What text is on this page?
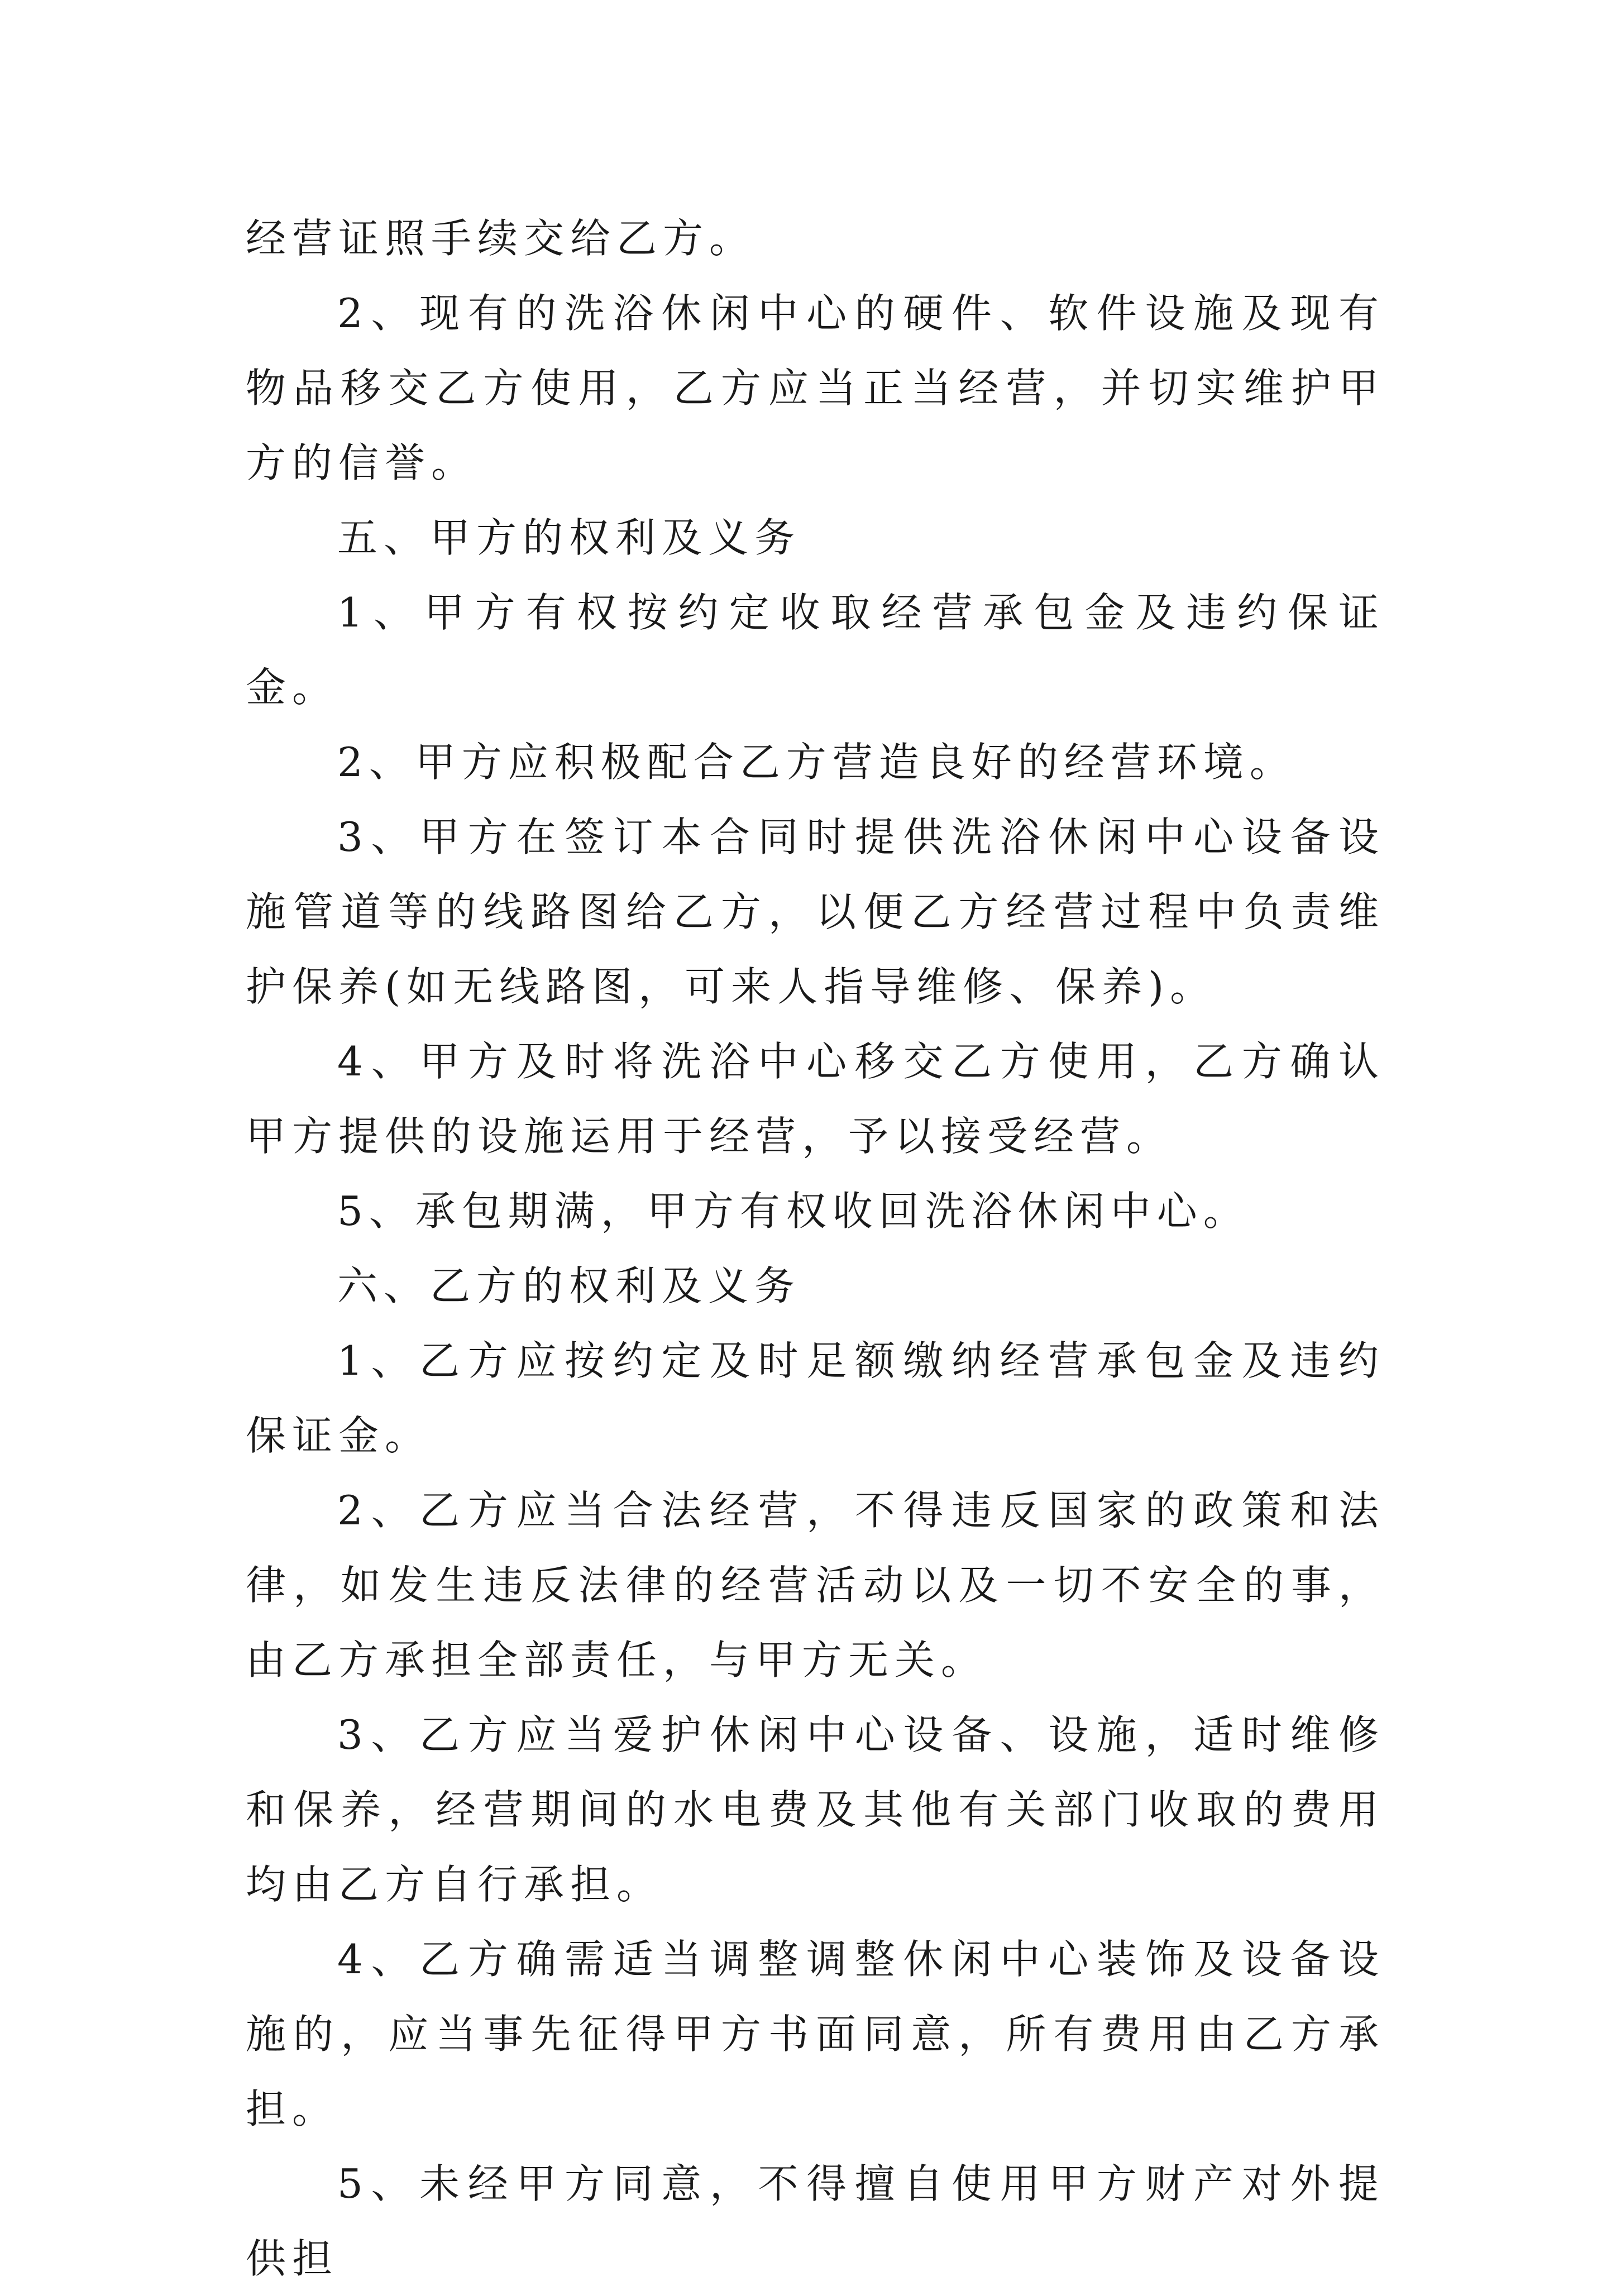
经营证照手续交给乙方。

2、现有的洗浴休闲中心的硬件、软件设施及现有物品移交乙方使用，乙方应当正当经营，并切实维护甲方的信誉。

五、甲方的权利及义务

1、甲方有权按约定收取经营承包金及违约保证金。

2、甲方应积极配合乙方营造良好的经营环境。

3、甲方在签订本合同时提供洗浴休闲中心设备设施管道等的线路图给乙方，以便乙方经营过程中负责维护保养(如无线路图，可来人指导维修、保养)。

4、甲方及时将洗浴中心移交乙方使用，乙方确认甲方提供的设施运用于经营，予以接受经营。

5、承包期满，甲方有权收回洗浴休闲中心。

六、乙方的权利及义务

1、乙方应按约定及时足额缴纳经营承包金及违约保证金。

2、乙方应当合法经营，不得违反国家的政策和法律，如发生违反法律的经营活动以及一切不安全的事，由乙方承担全部责任，与甲方无关。

3、乙方应当爱护休闲中心设备、设施，适时维修和保养，经营期间的水电费及其他有关部门收取的费用均由乙方自行承担。

4、乙方确需适当调整调整休闲中心装饰及设备设施的，应当事先征得甲方书面同意，所有费用由乙方承担。

5、未经甲方同意，不得擅自使用甲方财产对外提供担
